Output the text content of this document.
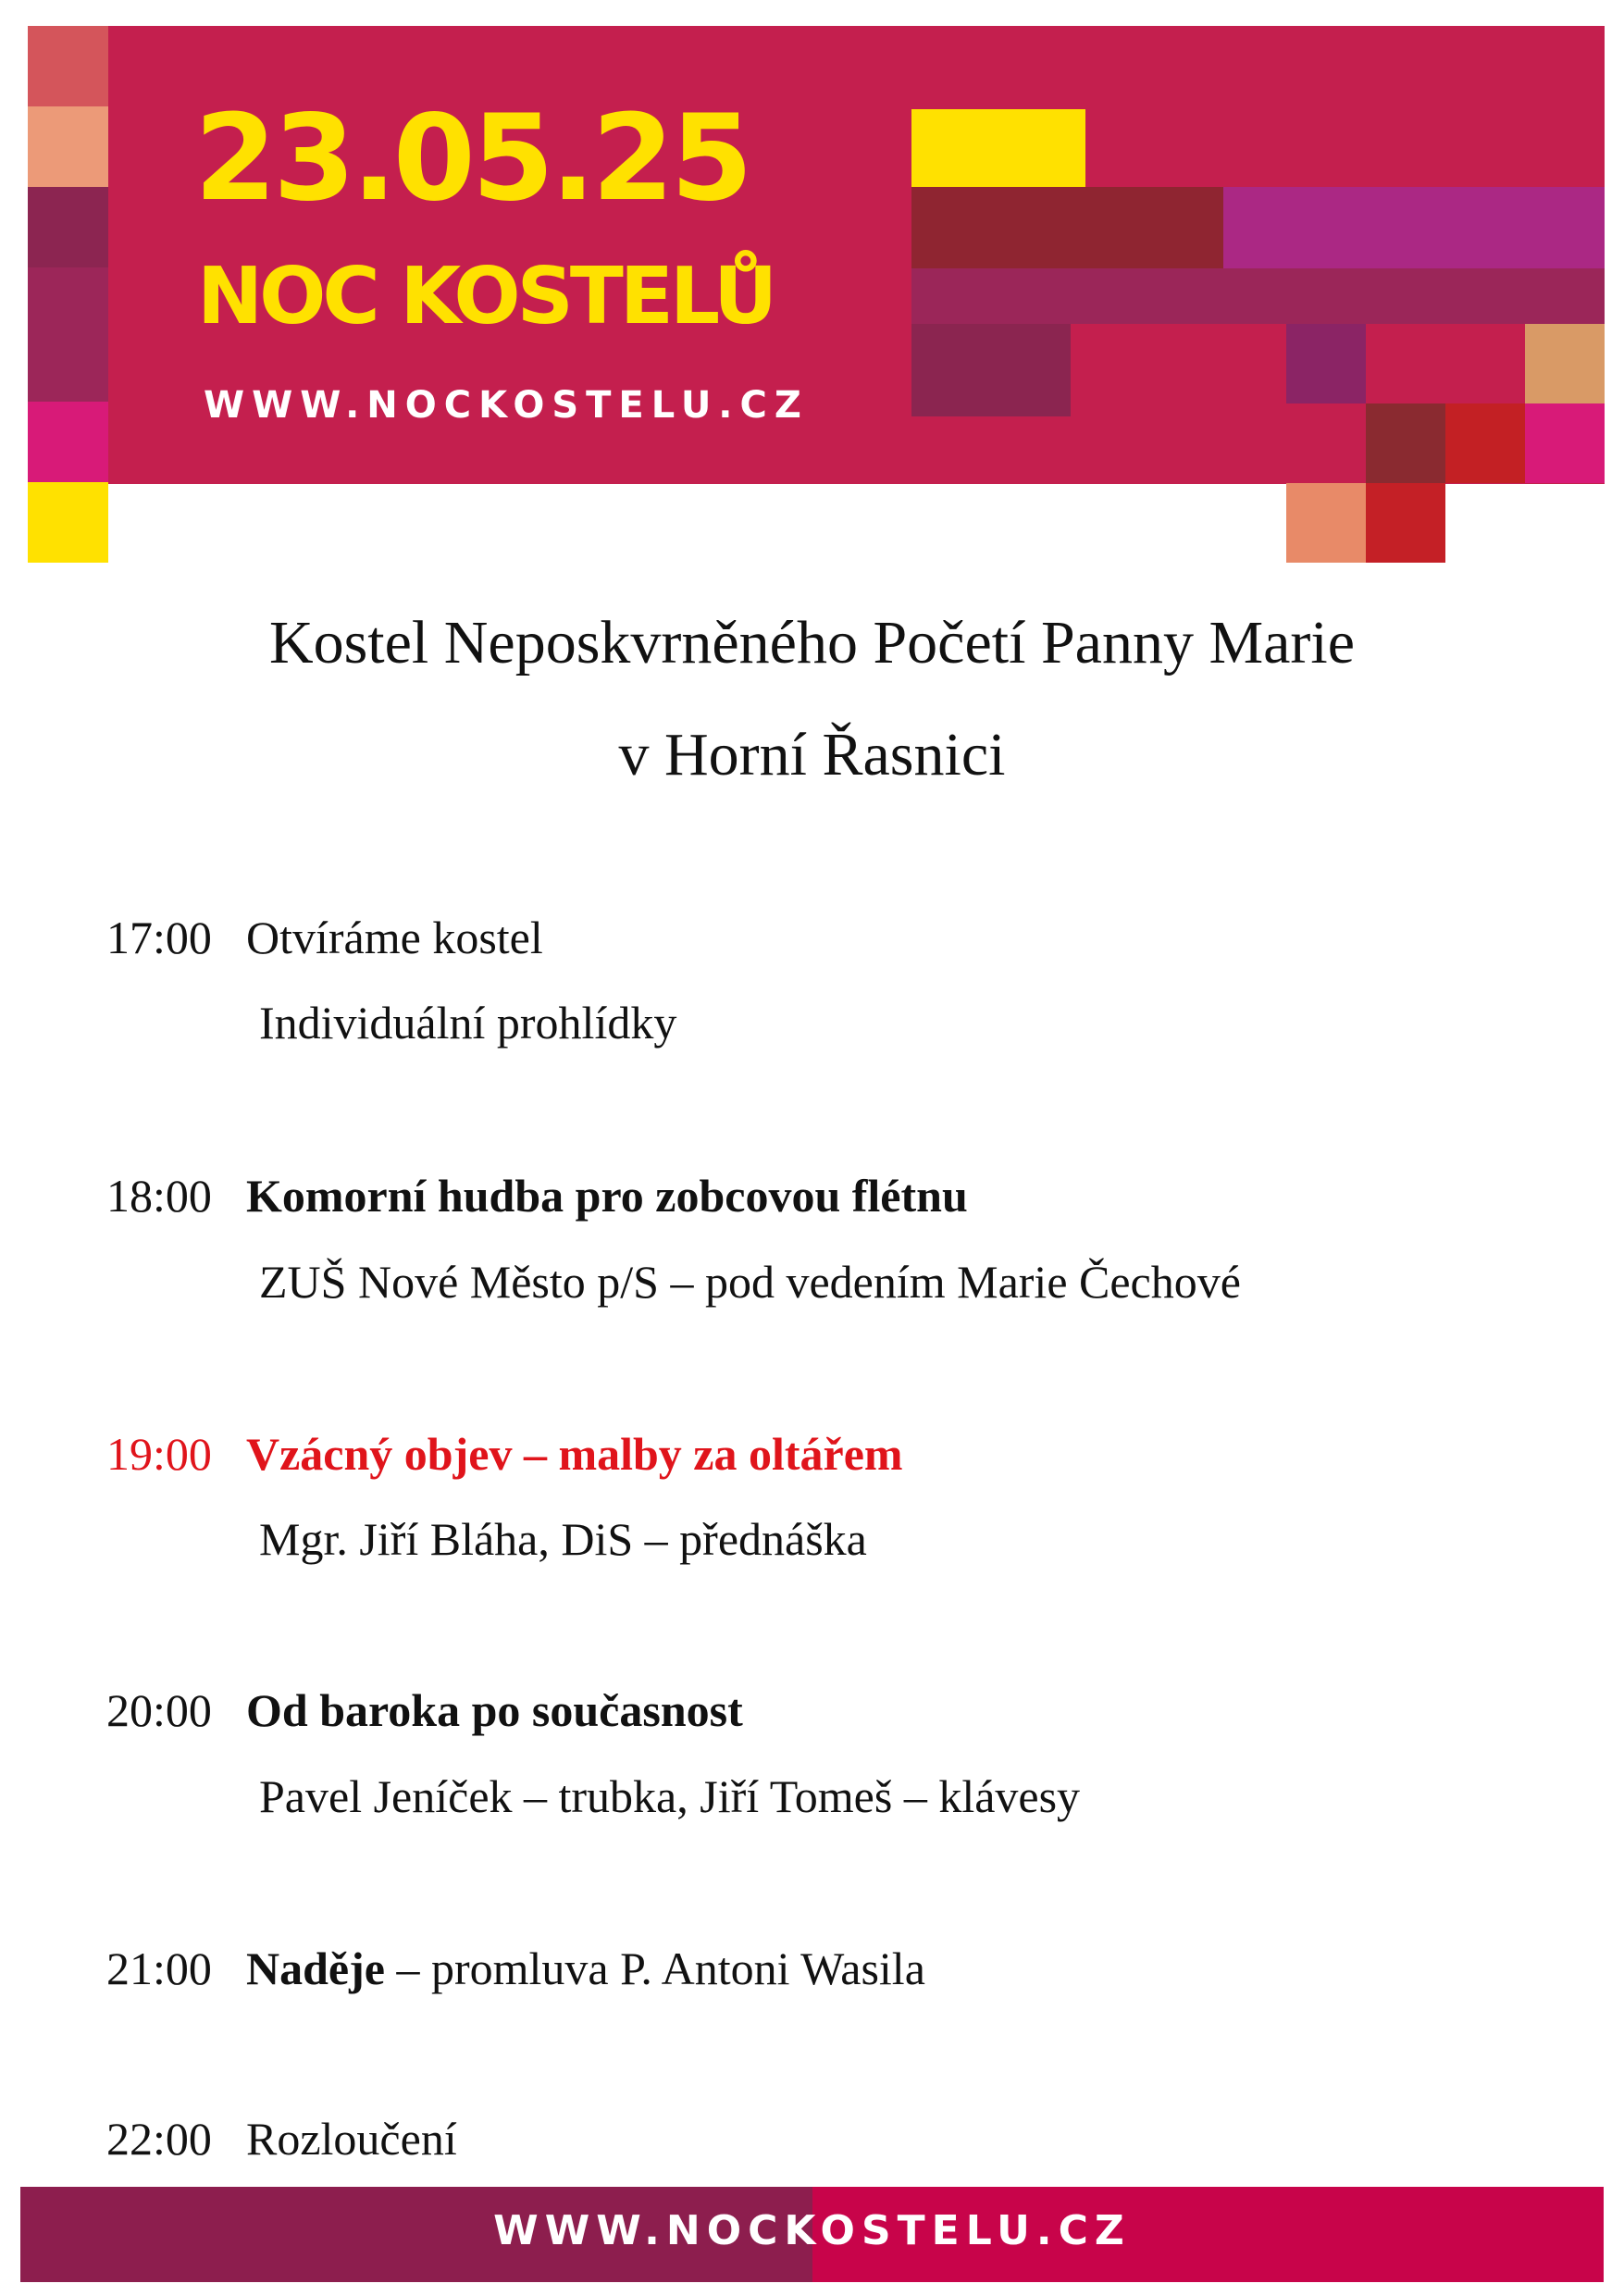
23.05.25
NOC KOSTELŮ
WWW.NOCKOSTELU.CZ
Kostel Neposkvrněného Početí Panny Marie
v Horní Řasnici
17:00 Otvíráme kostel
Individuální prohlídky
18:00 Komorní hudba pro zobcovou flétnu
ZUŠ Nové Město p/S – pod vedením Marie Čechové
19:00 Vzácný objev – malby za oltářem
Mgr. Jiří Bláha, DiS – přednáška
20:00 Od baroka po současnost
Pavel Jeníček – trubka, Jiří Tomeš – klávesy
21:00 Naděje – promluva P. Antoni Wasila
22:00 Rozloučení
WWW.NOCKOSTELU.CZ
